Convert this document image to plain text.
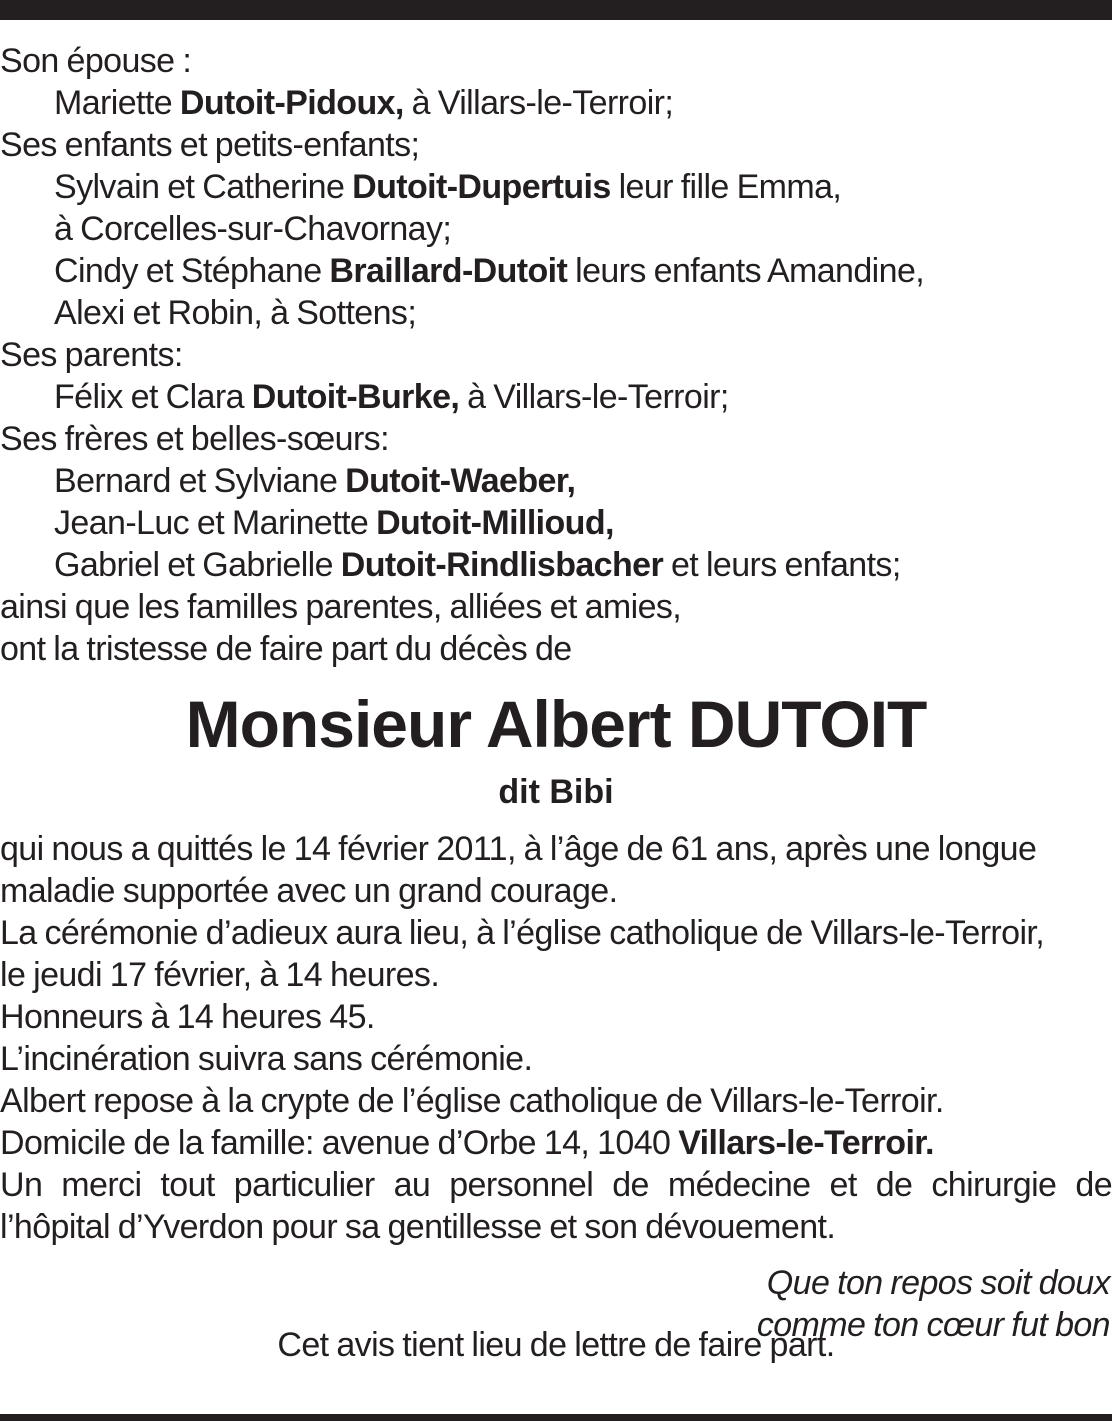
Son épouse :
Mariette Dutoit-Pidoux, à Villars-le-Terroir;
Ses enfants et petits-enfants;
Sylvain et Catherine Dutoit-Dupertuis leur fille Emma,
à Corcelles-sur-Chavornay;
Cindy et Stéphane Braillard-Dutoit leurs enfants Amandine,
Alexi et Robin, à Sottens;
Ses parents:
Félix et Clara Dutoit-Burke, à Villars-le-Terroir;
Ses frères et belles-sœurs:
Bernard et Sylviane Dutoit-Waeber,
Jean-Luc et Marinette Dutoit-Millioud,
Gabriel et Gabrielle Dutoit-Rindlisbacher et leurs enfants;
ainsi que les familles parentes, alliées et amies,
ont la tristesse de faire part du décès de
Monsieur Albert DUTOIT
dit Bibi
qui nous a quittés le 14 février 2011, à l’âge de 61 ans, après une longue
maladie supportée avec un grand courage.
La cérémonie d’adieux aura lieu, à l’église catholique de Villars-le-Terroir,
le jeudi 17 février, à 14 heures.
Honneurs à 14 heures 45.
L’incinération suivra sans cérémonie.
Albert repose à la crypte de l’église catholique de Villars-le-Terroir.
Domicile de la famille: avenue d’Orbe 14, 1040 Villars-le-Terroir.
Un merci tout particulier au personnel de médecine et de chirurgie de
l’hôpital d’Yverdon pour sa gentillesse et son dévouement.
Que ton repos soit doux
comme ton cœur fut bon
Cet avis tient lieu de lettre de faire part.
